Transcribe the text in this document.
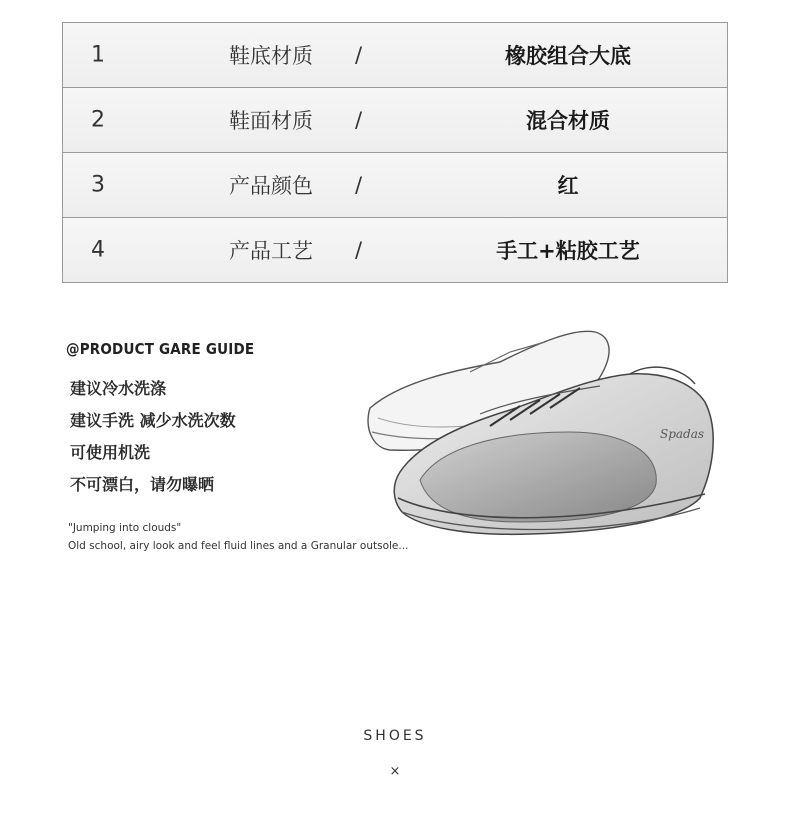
1	鞋底材质 /	橡胶组合大底
2	鞋面材质 /	混合材质
3	产品颜色 /	红
4	产品工艺 /	手工+粘胶工艺
@PRODUCT GARE GUIDE
建议冷水洗涤
建议手洗 减少水洗次数
可使用机洗
不可漂白，请勿曝晒
"Jumping into clouds"
Old school, airy look and feel fluid lines and a Granular outsole...
Spadas
SHOES
×
